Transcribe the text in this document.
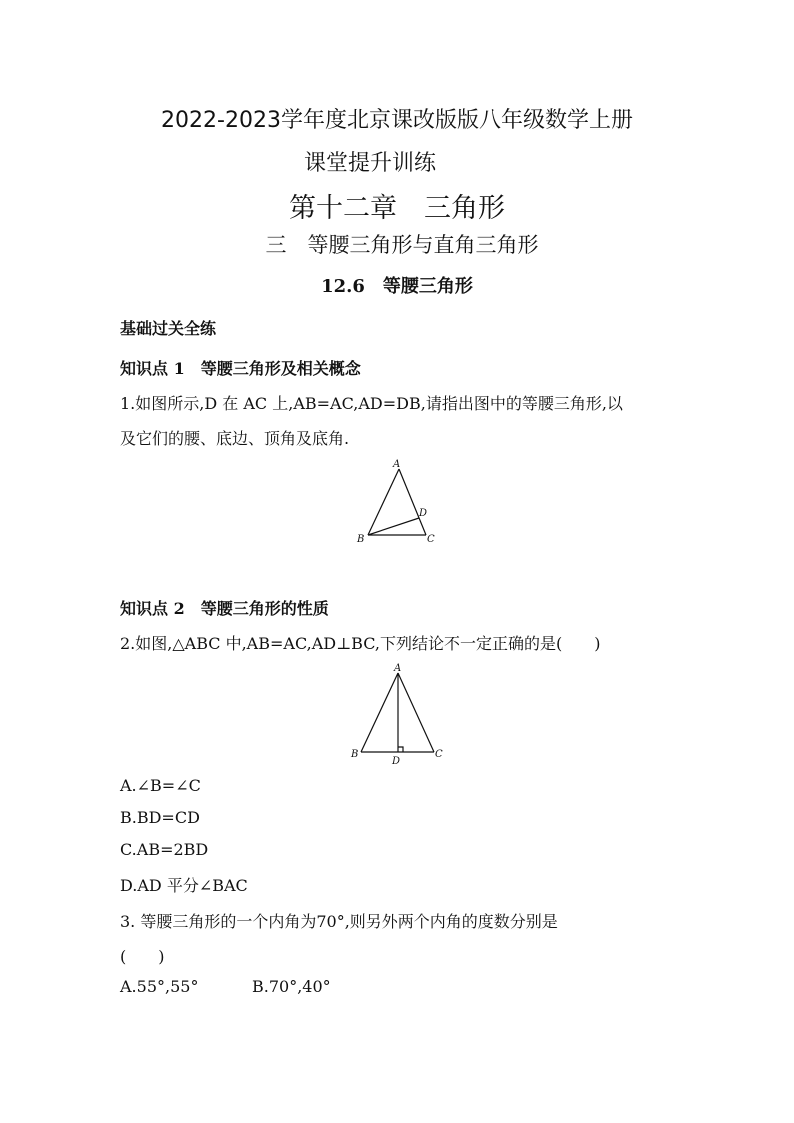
2022-2023学年度北京课改版版八年级数学上册
课堂提升训练
第十二章　三角形
三　等腰三角形与直角三角形
12.6　等腰三角形
基础过关全练
知识点 1　等腰三角形及相关概念
1.如图所示,D 在 AC 上,AB=AC,AD=DB,请指出图中的等腰三角形,以
及它们的腰、底边、顶角及底角.
A
B	C
D
知识点 2　等腰三角形的性质
2.如图,△ABC 中,AB=AC,AD⊥BC,下列结论不一定正确的是(　　)
A
B	C
D
A.∠B=∠C
B.BD=CD
C.AB=2BD
D.AD 平分∠BAC
3. 等腰三角形的一个内角为70°,则另外两个内角的度数分别是
(　　)
A.55°,55°	B.70°,40°
